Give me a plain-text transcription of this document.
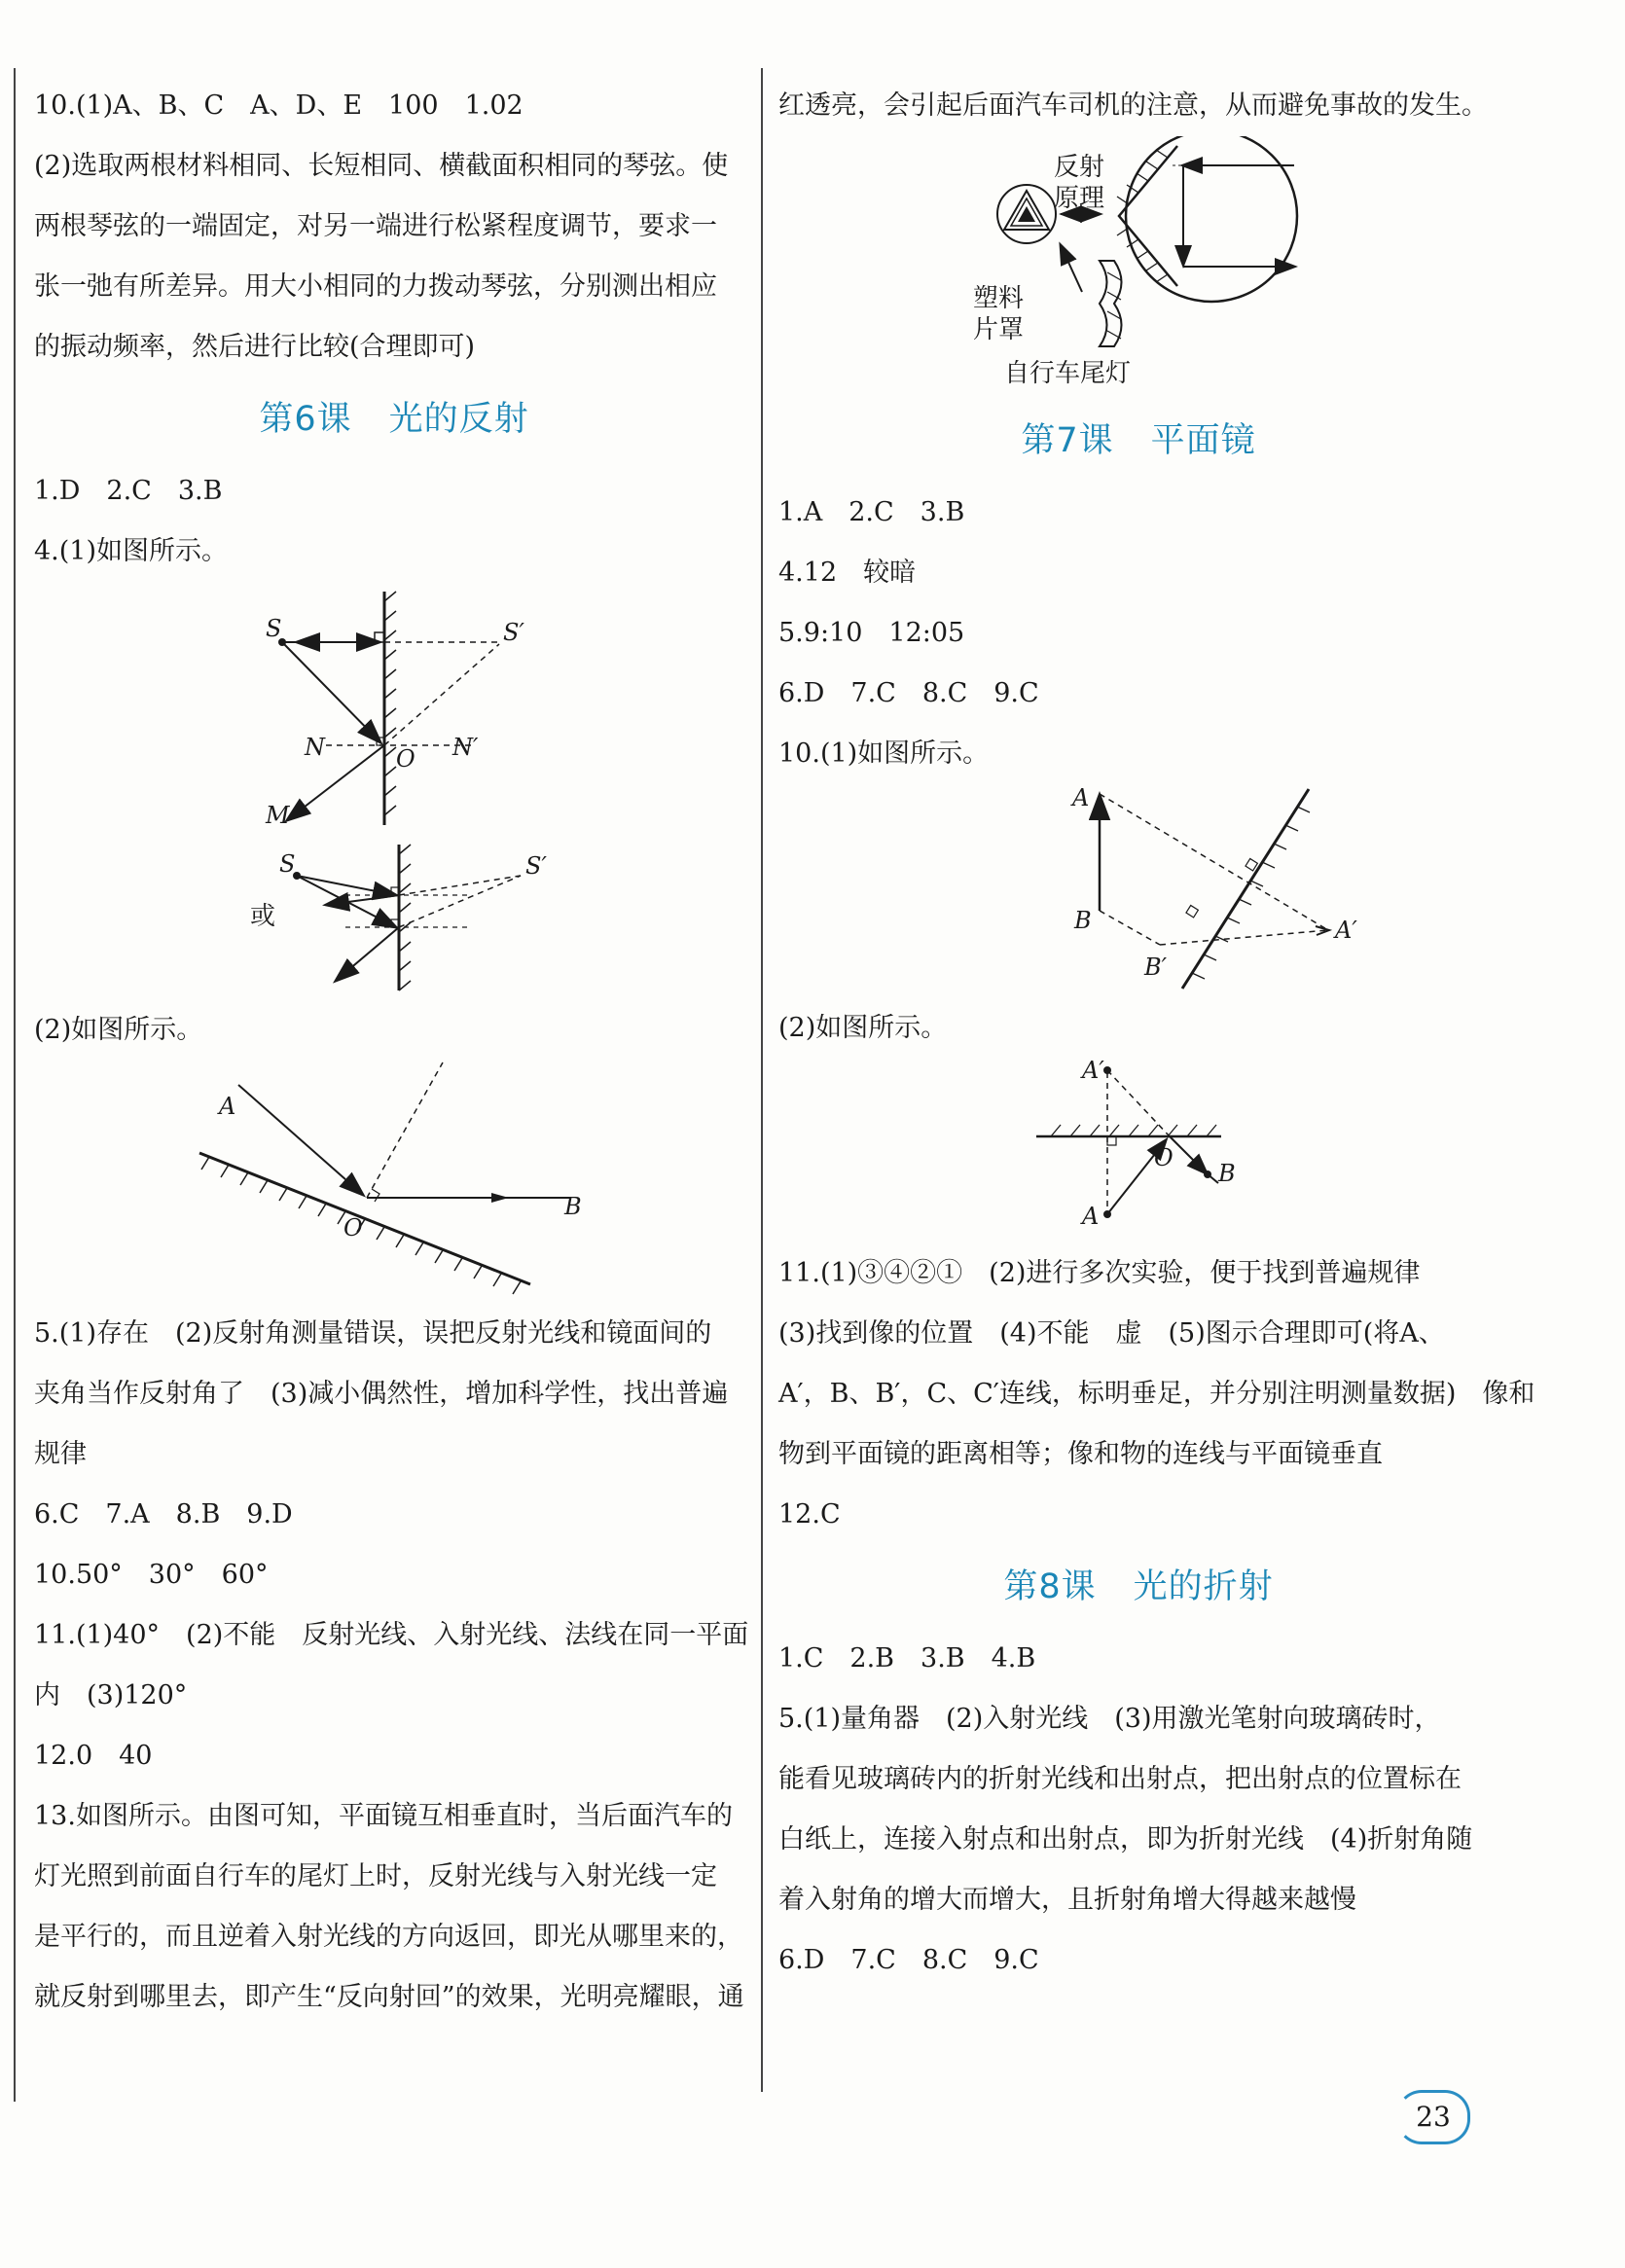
10.(1)A、B、C　A、D、E　100　1.02
(2)选取两根材料相同、长短相同、横截面积相同的琴弦。使
两根琴弦的一端固定，对另一端进行松紧程度调节，要求一
张一弛有所差异。用大小相同的力拨动琴弦，分别测出相应
的振动频率，然后进行比较(合理即可)
第6课 光的反射
1.D　2.C　3.B
4.(1)如图所示。
S	S′
N	N′
O
M
S	S′
或
(2)如图所示。
A
O
B
5.(1)存在　(2)反射角测量错误，误把反射光线和镜面间的
夹角当作反射角了　(3)减小偶然性，增加科学性，找出普遍
规律
6.C　7.A　8.B　9.D
10.50°　30°　60°
11.(1)40°　(2)不能　反射光线、入射光线、法线在同一平面
内　(3)120°
12.0　40
13.如图所示。由图可知，平面镜互相垂直时，当后面汽车的
灯光照到前面自行车的尾灯上时，反射光线与入射光线一定
是平行的，而且逆着入射光线的方向返回，即光从哪里来的，
就反射到哪里去，即产生“反向射回”的效果，光明亮耀眼，通
红透亮，会引起后面汽车司机的注意，从而避免事故的发生。
反射
原理
塑料
片罩
自行车尾灯
第7课 平面镜
1.A　2.C　3.B
4.12　较暗
5.9:10　12:05
6.D　7.C　8.C　9.C
10.(1)如图所示。
A
B	A′
B′
(2)如图所示。
A′
O
B
A
11.(1)③④②①　(2)进行多次实验，便于找到普遍规律
(3)找到像的位置　(4)不能　虚　(5)图示合理即可(将A、
A′，B、B′，C、C′连线，标明垂足，并分别注明测量数据)　像和
物到平面镜的距离相等；像和物的连线与平面镜垂直
12.C
第8课 光的折射
1.C　2.B　3.B　4.B
5.(1)量角器　(2)入射光线　(3)用激光笔射向玻璃砖时，
能看见玻璃砖内的折射光线和出射点，把出射点的位置标在
白纸上，连接入射点和出射点，即为折射光线　(4)折射角随
着入射角的增大而增大，且折射角增大得越来越慢
6.D　7.C　8.C　9.C
23
